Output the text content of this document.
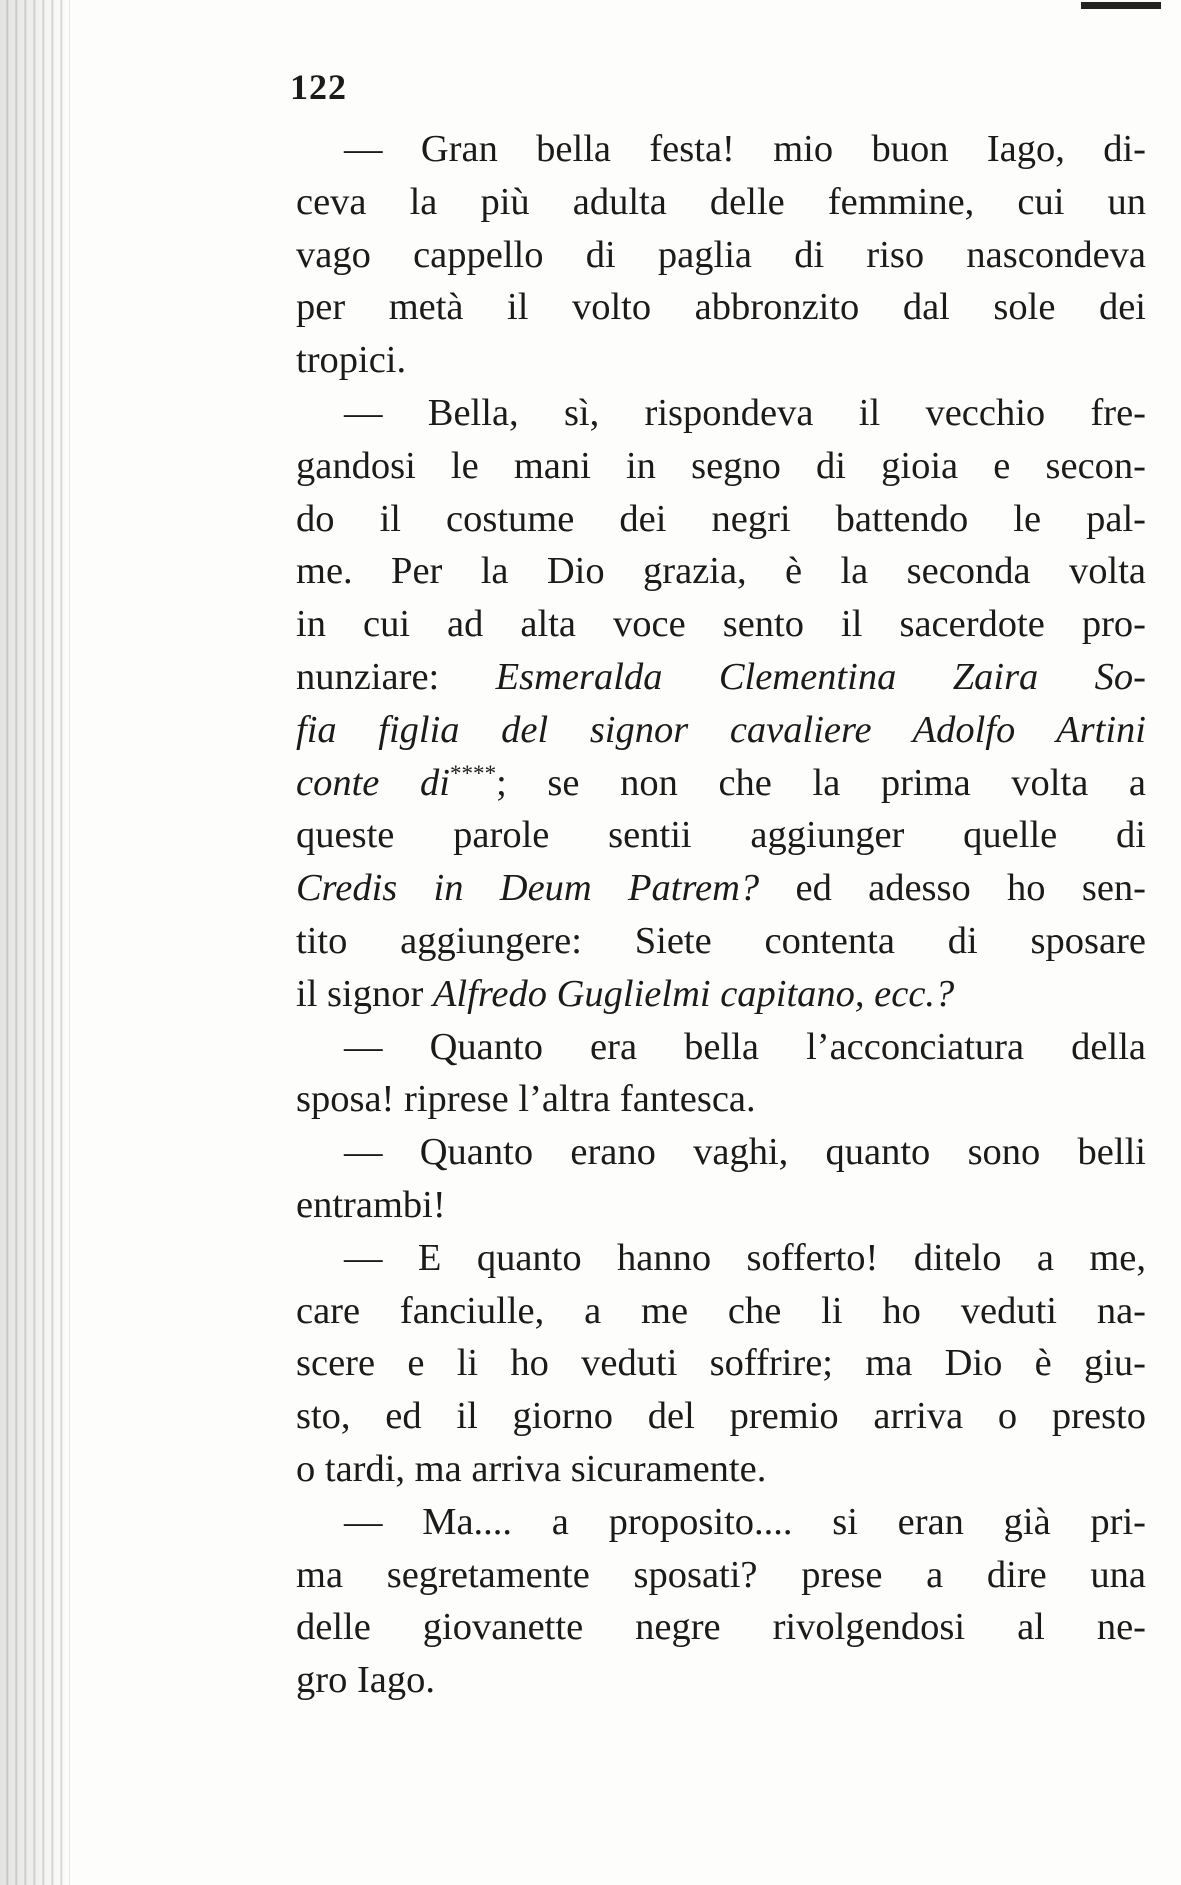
122
— Gran bella festa! mio buon Iago, di-
ceva la più adulta delle femmine, cui un
vago cappello di paglia di riso nascondeva
per metà il volto abbronzito dal sole dei
tropici.
— Bella, sì, rispondeva il vecchio fre-
gandosi le mani in segno di gioia e secon-
do il costume dei negri battendo le pal-
me. Per la Dio grazia, è la seconda volta
in cui ad alta voce sento il sacerdote pro-
nunziare: Esmeralda Clementina Zaira So-
fia figlia del signor cavaliere Adolfo Artini
conte di****; se non che la prima volta a
queste parole sentii aggiunger quelle di
Credis in Deum Patrem? ed adesso ho sen-
tito aggiungere: Siete contenta di sposare
il signor Alfredo Guglielmi capitano, ecc.?
— Quanto era bella l’acconciatura della
sposa! riprese l’altra fantesca.
— Quanto erano vaghi, quanto sono belli
entrambi!
— E quanto hanno sofferto! ditelo a me,
care fanciulle, a me che li ho veduti na-
scere e li ho veduti soffrire; ma Dio è giu-
sto, ed il giorno del premio arriva o presto
o tardi, ma arriva sicuramente.
— Ma.... a proposito.... si eran già pri-
ma segretamente sposati? prese a dire una
delle giovanette negre rivolgendosi al ne-
gro Iago.
